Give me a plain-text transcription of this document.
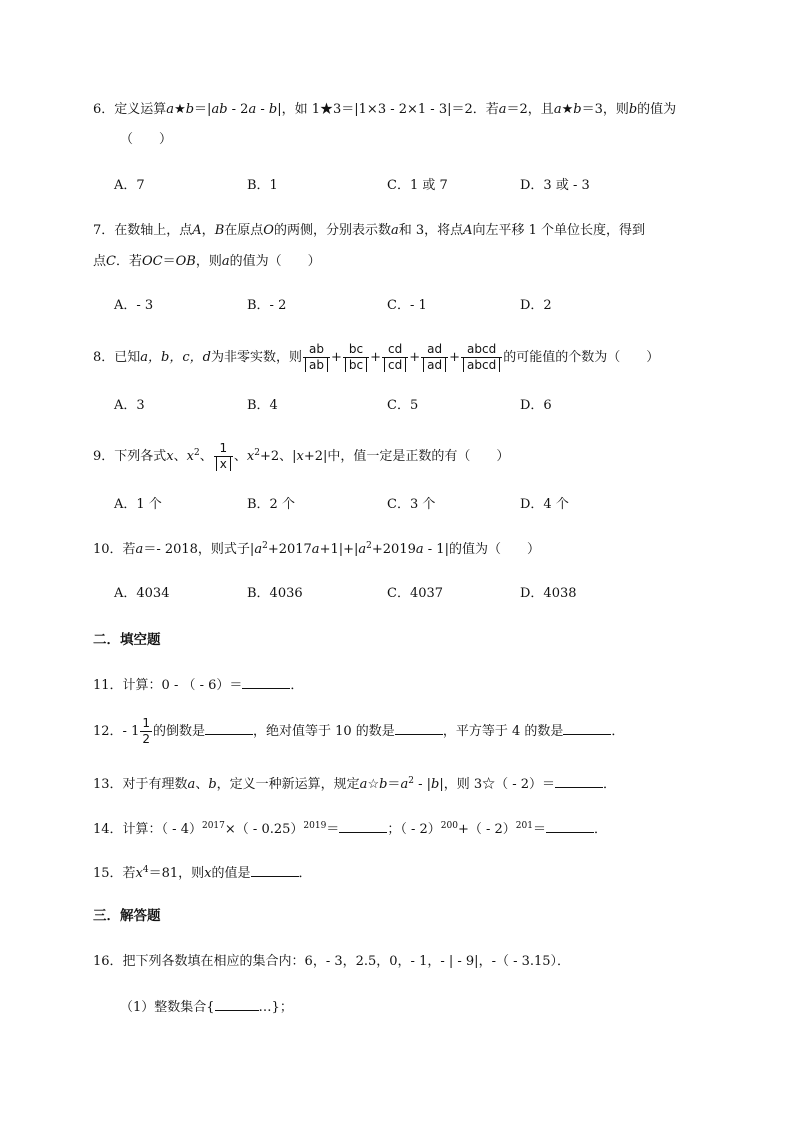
6．定义运算a★b＝|ab - 2a - b|，如 1★3＝|1×3 - 2×1 - 3|＝2．若a＝2，且a★b＝3，则b的值为
（　　）
A．7	B．1	C．1 或 7	D．3 或 - 3
7．在数轴上，点A，B在原点O的两侧，分别表示数a和 3，将点A向左平移 1 个单位长度，得到
点C．若OC＝OB，则a的值为（　　）
A．- 3	B．- 2	C．- 1	D．2
8．已知a，b，c，d为非零实数，则 $\frac{ab}{ab} + \frac{bc}{bc} + \frac{cd}{cd} + \frac{ad}{ad} + \frac{\text{abcd}}{\text{abcd}}$ 的可能值的个数为（　　）
A．3	B．4	C．5	D．6
9．下列各式x、$x^2$、 $\frac{1}{x}$ 、$x^2+2$、|x+2|中，值一定是正数的有（　　）
A．1 个	B．2 个	C．3 个	D．4 个
10．若a＝- 2018，则式子$|a^2+2017a+1|+|a^2+2019a - 1|$的值为（　　）
A．4034	B．4036	C．4037	D．4038
二．填空题
11．计算：0 - （ - 6）＝	．
12．- $1 \frac{1}{2}$ 的倒数是	，绝对值等于 10 的数是	，平方等于 4 的数是	．
13．对于有理数a、b，定义一种新运算，规定$a☆b=a^2 - |b|$，则 3☆（ - 2）＝	．
14．计算：（ - 4）$^{2017}$×（ - 0.25）$^{2019}$＝	；（ - 2）$^{200}$+（ - 2）$^{201}$＝	．
15．若$x^4=81$，则x的值是	．
三．解答题
16．把下列各数填在相应的集合内：6，- 3，2.5，0，- 1，- | - 9|，-（ - 3.15）．
（1）整数集合{	…}；
